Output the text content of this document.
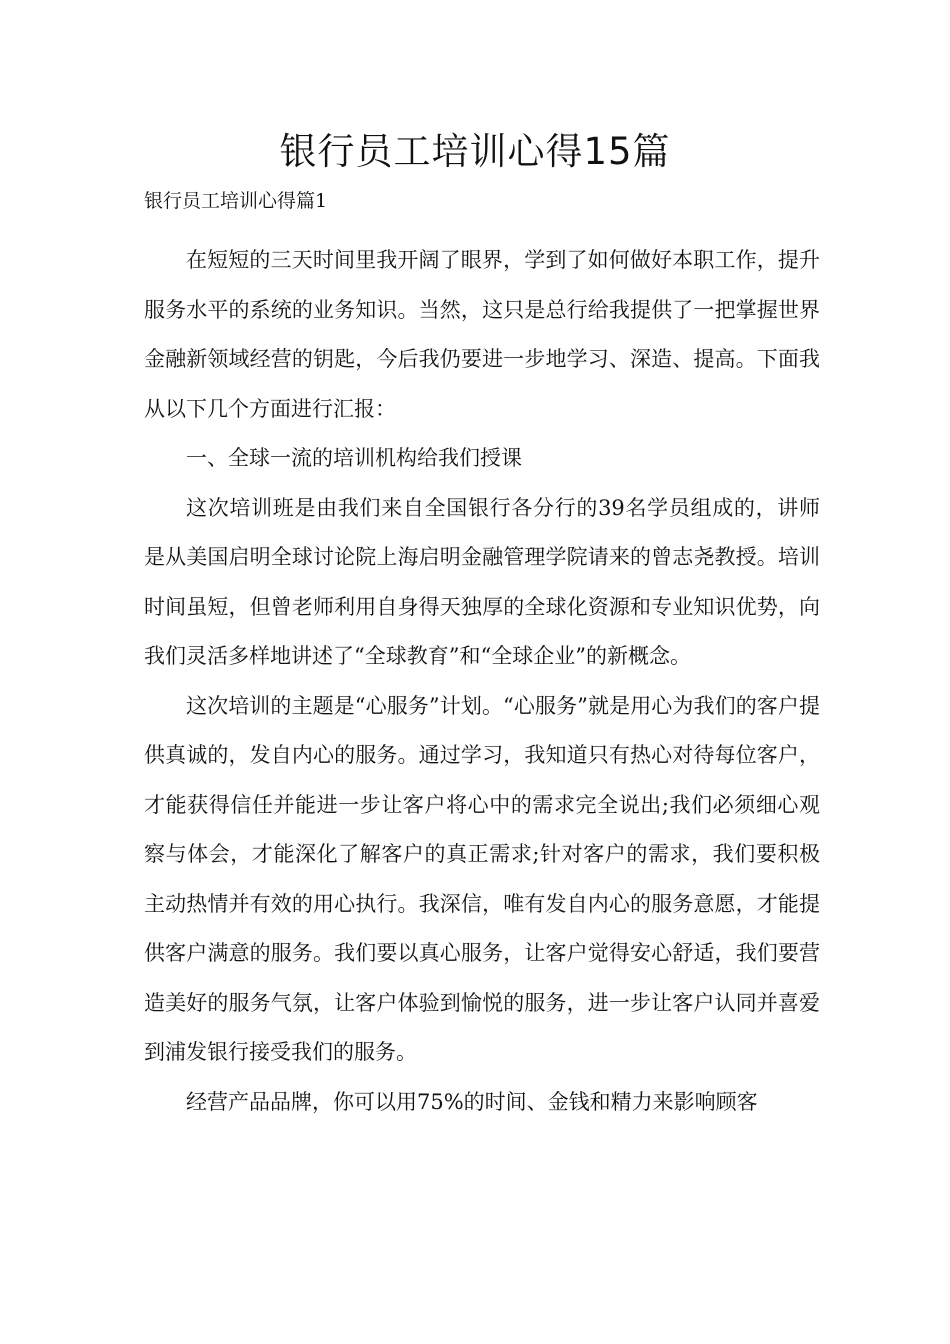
银行员工培训心得15篇

银行员工培训心得篇1

在短短的三天时间里我开阔了眼界，学到了如何做好本职工作，提升服务水平的系统的业务知识。当然，这只是总行给我提供了一把掌握世界金融新领域经营的钥匙，今后我仍要进一步地学习、深造、提高。下面我从以下几个方面进行汇报：

一、全球一流的培训机构给我们授课

这次培训班是由我们来自全国银行各分行的39名学员组成的，讲师是从美国启明全球讨论院上海启明金融管理学院请来的曾志尧教授。培训时间虽短，但曾老师利用自身得天独厚的全球化资源和专业知识优势，向我们灵活多样地讲述了“全球教育”和“全球企业”的新概念。

这次培训的主题是“心服务”计划。“心服务”就是用心为我们的客户提供真诚的，发自内心的服务。通过学习，我知道只有热心对待每位客户，才能获得信任并能进一步让客户将心中的需求完全说出;我们必须细心观察与体会，才能深化了解客户的真正需求;针对客户的需求，我们要积极主动热情并有效的用心执行。我深信，唯有发自内心的服务意愿，才能提供客户满意的服务。我们要以真心服务，让客户觉得安心舒适，我们要营造美好的服务气氛，让客户体验到愉悦的服务，进一步让客户认同并喜爱到浦发银行接受我们的服务。

经营产品品牌，你可以用75%的时间、金钱和精力来影响顾客
